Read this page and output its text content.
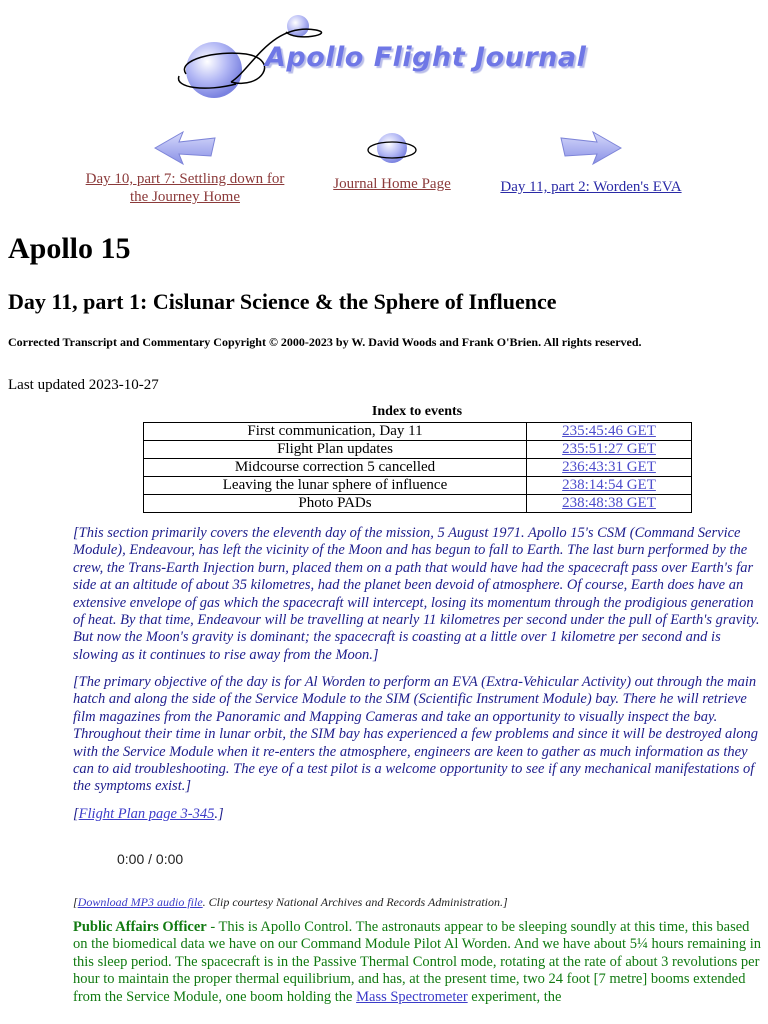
Apollo Flight Journal
Day 10, part 7: Settling down for the Journey Home
Journal Home Page	Day 11, part 2: Worden's EVA
Apollo 15
Day 11, part 1: Cislunar Science & the Sphere of Influence
Corrected Transcript and Commentary Copyright © 2000-2023 by W. David Woods and Frank O'Brien. All rights reserved.
Last updated 2023-10-27
Index to events
First communication, Day 11	235:45:46 GET
Flight Plan updates	235:51:27 GET
Midcourse correction 5 cancelled	236:43:31 GET
Leaving the lunar sphere of influence	238:14:54 GET
Photo PADs	238:48:38 GET

[This section primarily covers the eleventh day of the mission, 5 August 1971. Apollo 15's CSM (Command Service Module), Endeavour, has left the vicinity of the Moon and has begun to fall to Earth. The last burn performed by the crew, the Trans-Earth Injection burn, placed them on a path that would have had the spacecraft pass over Earth's far side at an altitude of about 35 kilometres, had the planet been devoid of atmosphere. Of course, Earth does have an extensive envelope of gas which the spacecraft will intercept, losing its momentum through the prodigious generation of heat. By that time, Endeavour will be travelling at nearly 11 kilometres per second under the pull of Earth's gravity. But now the Moon's gravity is dominant; the spacecraft is coasting at a little over 1 kilometre per second and is slowing as it continues to rise away from the Moon.]

[The primary objective of the day is for Al Worden to perform an EVA (Extra-Vehicular Activity) out through the main hatch and along the side of the Service Module to the SIM (Scientific Instrument Module) bay. There he will retrieve film magazines from the Panoramic and Mapping Cameras and take an opportunity to visually inspect the bay. Throughout their time in lunar orbit, the SIM bay has experienced a few problems and since it will be destroyed along with the Service Module when it re-enters the atmosphere, engineers are keen to gather as much information as they can to aid troubleshooting. The eye of a test pilot is a welcome opportunity to see if any mechanical manifestations of the symptoms exist.]

[Flight Plan page 3-345.]

0:00 / 0:00
[Download MP3 audio file. Clip courtesy National Archives and Records Administration.]

Public Affairs Officer - This is Apollo Control. The astronauts appear to be sleeping soundly at this time, this based on the biomedical data we have on our Command Module Pilot Al Worden. And we have about 5¼ hours remaining in this sleep period. The spacecraft is in the Passive Thermal Control mode, rotating at the rate of about 3 revolutions per hour to maintain the proper thermal equilibrium, and has, at the present time, two 24 foot [7 metre] booms extended from the Service Module, one boom holding the Mass Spectrometer experiment, the
